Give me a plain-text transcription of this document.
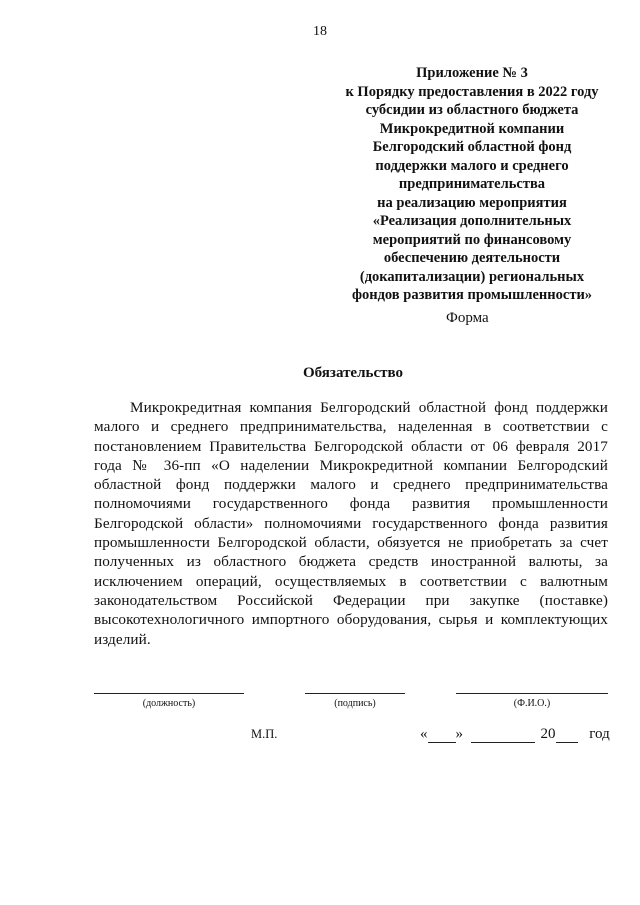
18
Приложение № 3
к Порядку предоставления в 2022 году
субсидии из областного бюджета
Микрокредитной компании
Белгородский областной фонд
поддержки малого и среднего
предпринимательства
на реализацию мероприятия
«Реализация дополнительных
мероприятий по финансовому
обеспечению деятельности
(докапитализации) региональных
фондов развития промышленности»
Форма
Обязательство
Микрокредитная компания Белгородский областной фонд поддержки малого и среднего предпринимательства, наделенная в соответствии с постановлением Правительства Белгородской области от 06 февраля 2017 года № 36-пп «О наделении Микрокредитной компании Белгородский областной фонд поддержки малого и среднего предпринимательства полномочиями государственного фонда развития промышленности Белгородской области» полномочиями государственного фонда развития промышленности Белгородской области, обязуется не приобретать за счет полученных из областного бюджета средств иностранной валюты, за исключением операций, осуществляемых в соответствии с валютным законодательством Российской Федерации при закупке (поставке) высокотехнологичного импортного оборудования, сырья и комплектующих изделий.
(должность)	(подпись)	(Ф.И.О.)
М.П.	« »	20 год
